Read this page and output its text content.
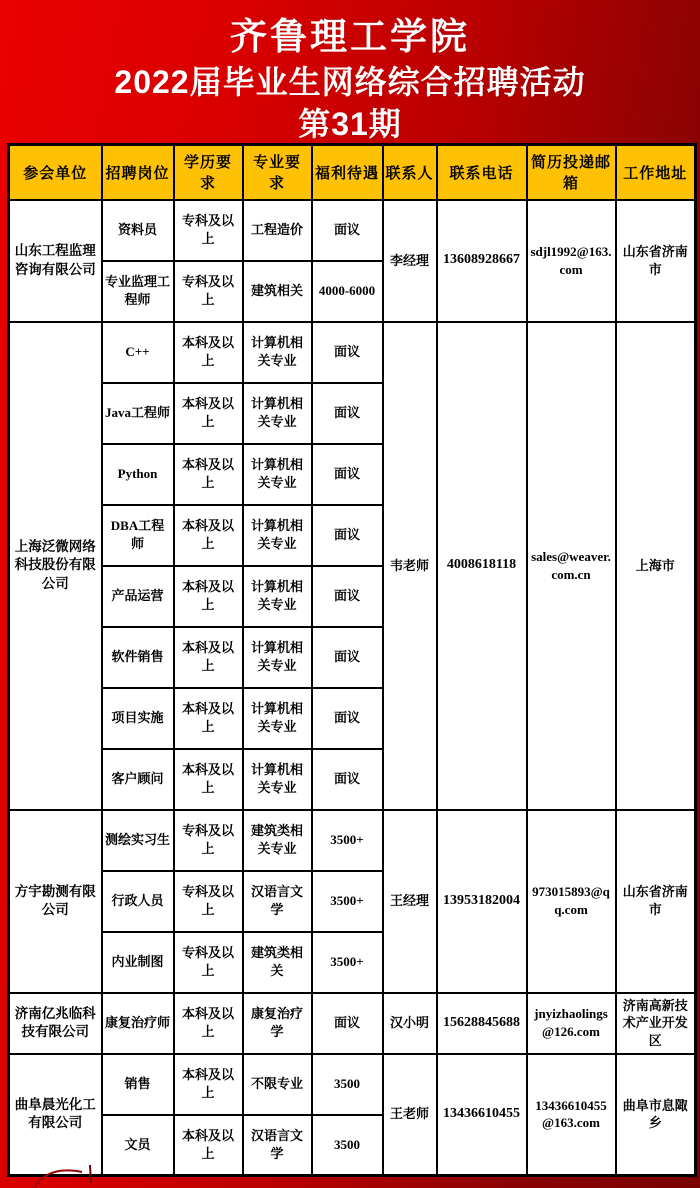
齐鲁理工学院
2022届毕业生网络综合招聘活动
第31期
参会单位	招聘岗位	学历要求	专业要求	福利待遇	联系人	联系电话	简历投递邮箱	工作地址
山东工程监理咨询有限公司	资料员	专科及以上	工程造价	面议	李经理	13608928667	sdjl1992@163.com	山东省济南市
	专业监理工程师	专科及以上	建筑相关	4000-6000				
上海泛微网络科技股份有限公司	C++	本科及以上	计算机相关专业	面议	韦老师	4008618118	sales@weaver.com.cn	上海市
	Java工程师	本科及以上	计算机相关专业	面议				
	Python	本科及以上	计算机相关专业	面议				
	DBA工程师	本科及以上	计算机相关专业	面议				
	产品运营	本科及以上	计算机相关专业	面议				
	软件销售	本科及以上	计算机相关专业	面议				
	项目实施	本科及以上	计算机相关专业	面议				
	客户顾问	本科及以上	计算机相关专业	面议				
方宇勘测有限公司	测绘实习生	专科及以上	建筑类相关专业	3500+	王经理	13953182004	973015893@qq.com	山东省济南市
	行政人员	专科及以上	汉语言文学	3500+				
	内业制图	专科及以上	建筑类相关	3500+				
济南亿兆临科技有限公司	康复治疗师	本科及以上	康复治疗学	面议	汉小明	15628845688	jnyizhaolings@126.com	济南高新技术产业开发区
曲阜晨光化工有限公司	销售	本科及以上	不限专业	3500	王老师	13436610455	13436610455@163.com	曲阜市息陬乡
	文员	本科及以上	汉语言文学	3500				
